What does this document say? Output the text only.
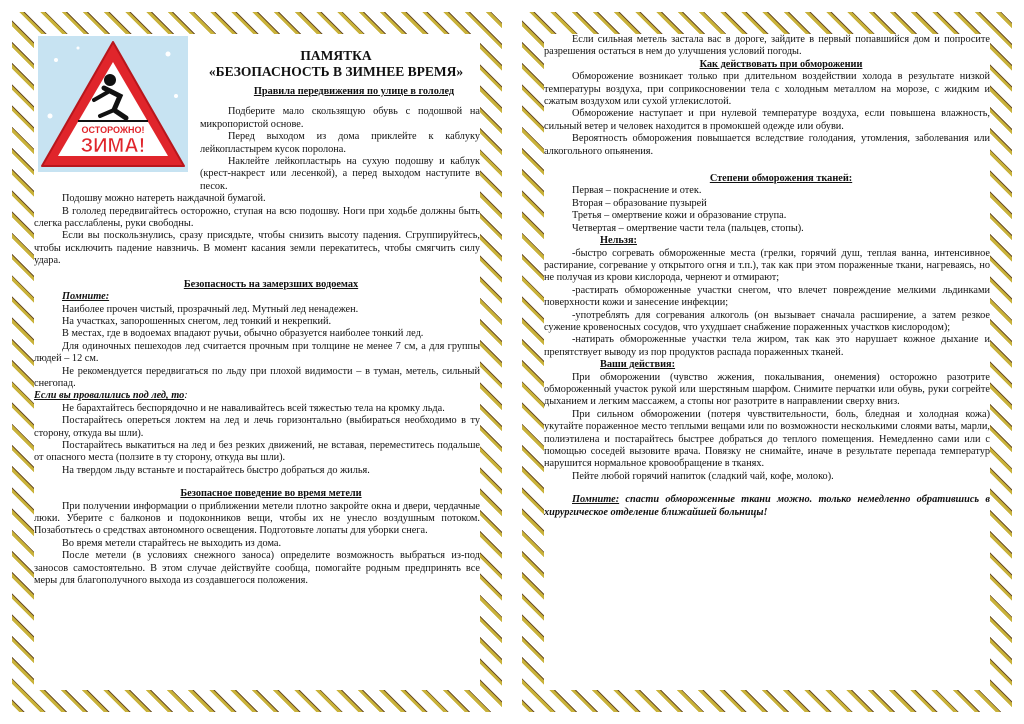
ОСТОРОЖНО!
ЗИМА!
ПАМЯТКА
«БЕЗОПАСНОСТЬ В ЗИМНЕЕ ВРЕМЯ»

Правила передвижения по улице в гололед

Подберите мало скользящую обувь с подошвой на микропористой основе.

Перед выходом из дома приклейте к каблуку лейкопластырем кусок поролона.

Наклейте лейкопластырь на сухую подошву и каблук (крест-накрест или лесенкой), а перед выходом наступите в песок.

Подошву можно натереть наждачной бумагой.

В гололед передвигайтесь осторожно, ступая на всю подошву. Ноги при ходьбе должны быть слегка расслаблены, руки свободны.

Если вы поскользнулись, сразу присядьте, чтобы снизить высоту падения. Сгруппируйтесь, чтобы исключить падение навзничь. В момент касания земли перекатитесь, чтобы смягчить силу удара.

Безопасность на замерзших водоемах

Помните:

Наиболее прочен чистый, прозрачный лед. Мутный лед ненадежен.

На участках, запорошенных снегом, лед тонкий и некрепкий.

В местах, где в водоемах впадают ручьи, обычно образуется наиболее тонкий лед.

Для одиночных пешеходов лед считается прочным при толщине не менее 7 см, а для группы людей – 12 см.

Не рекомендуется передвигаться по льду при плохой видимости – в туман, метель, сильный снегопад.

Если вы провалились под лед, то:

Не барахтайтесь беспорядочно и не наваливайтесь всей тяжестью тела на кромку льда.

Постарайтесь опереться локтем на лед и лечь горизонтально (выбираться необходимо в ту сторону, откуда вы шли).

Постарайтесь выкатиться на лед и без резких движений, не вставая, переместитесь подальше от опасного места (ползите в ту сторону, откуда вы шли).

На твердом льду встаньте и постарайтесь быстро добраться до жилья.

Безопасное поведение во время метели

При получении информации о приближении метели плотно закройте окна и двери, чердачные люки. Уберите с балконов и подоконников вещи, чтобы их не унесло воздушным потоком. Позаботьтесь о средствах автономного освещения. Подготовьте лопаты для уборки снега.

Во время метели старайтесь не выходить из дома.

После метели (в условиях снежного заноса) определите возможность выбраться из-под заносов самостоятельно. В этом случае действуйте сообща, помогайте родным предпринять все меры для благополучного выхода из создавшегося положения.

Если сильная метель застала вас в дороге, зайдите в первый попавшийся дом и попросите разрешения остаться в нем до улучшения условий погоды.

Как действовать при обморожении

Обморожение возникает только при длительном воздействии холода в результате низкой температуры воздуха, при соприкосновении тела с холодным металлом на морозе, с жидким и сжатым воздухом или сухой углекислотой.

Обморожение наступает и при нулевой температуре воздуха, если повышена влажность, сильный ветер и человек находится в промокшей одежде или обуви.

Вероятность обморожения повышается вследствие голодания, утомления, заболевания или алкогольного опьянения.

Степени обморожения тканей:

Первая – покраснение и отек.

Вторая – образование пузырей

Третья – омертвение кожи и образование струпа.

Четвертая – омертвение части тела (пальцев, стопы).

Нельзя:

-быстро согревать обмороженные места (грелки, горячий душ, теплая ванна, интенсивное растирание, согревание у открытого огня и т.п.), так как при этом пораженные ткани, нагреваясь, но не получая из крови кислорода, чернеют и отмирают;

-растирать обмороженные участки снегом, что влечет повреждение мелкими льдинками поверхности кожи и занесение инфекции;

-употреблять для согревания алкоголь (он вызывает сначала расширение, а затем резкое сужение кровеносных сосудов, что ухудшает снабжение пораженных участков кислородом);

-натирать обмороженные участки тела жиром, так как это нарушает кожное дыхание и препятствует выводу из пор продуктов распада пораженных тканей.

Ваши действия:

При обморожении (чувство жжения, покалывания, онемения) осторожно разотрите обмороженный участок рукой или шерстяным шарфом. Снимите перчатки или обувь, руки согрейте дыханием и легким массажем, а стопы ног разотрите в направлении сверху вниз.

При сильном обморожении (потеря чувствительности, боль, бледная и холодная кожа) укутайте пораженное место теплыми вещами или по возможности несколькими слоями ваты, марли, полиэтилена и постарайтесь быстрее добраться до теплого помещения. Немедленно сами или с помощью соседей вызовите врача. Повязку не снимайте, иначе в результате перепада температур нарушится нормальное кровообращение в тканях.

Пейте любой горячий напиток (сладкий чай, кофе, молоко).

Помните: спасти обмороженные ткани можно. только немедленно обратившись в хирургическое отделение ближайшей больницы!
